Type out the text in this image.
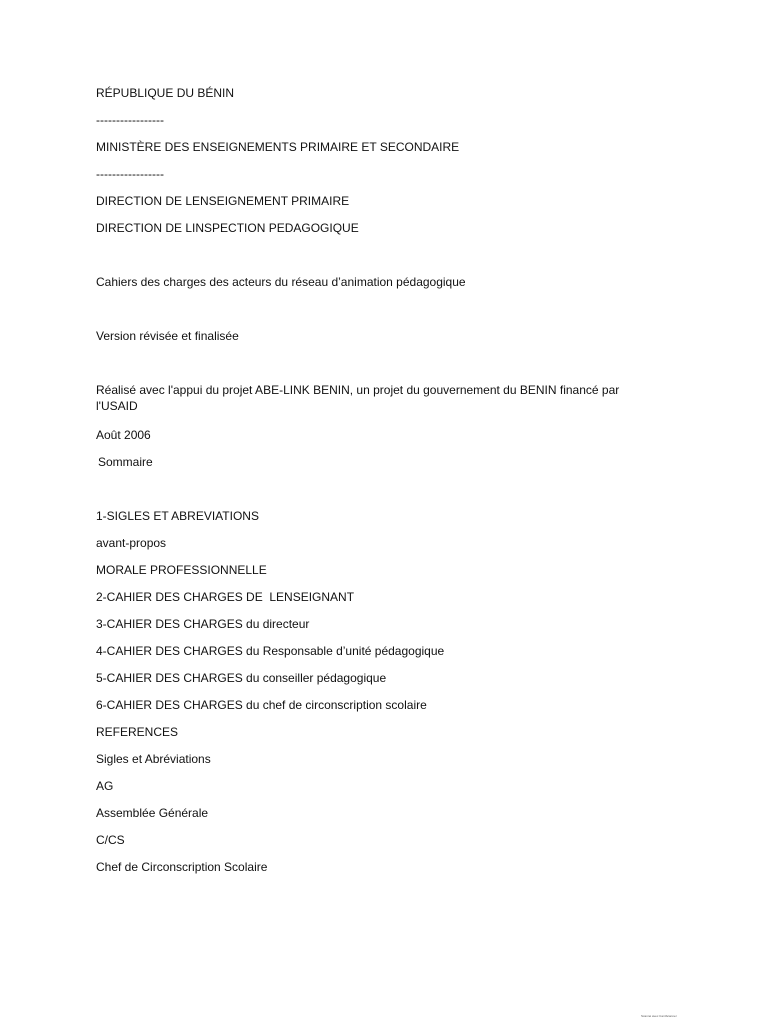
RÉPUBLIQUE DU BÉNIN
-----------------
MINISTÈRE DES ENSEIGNEMENTS PRIMAIRE ET SECONDAIRE
-----------------
DIRECTION DE LENSEIGNEMENT PRIMAIRE
DIRECTION DE LINSPECTION PEDAGOGIQUE
Cahiers des charges des acteurs du réseau d’animation pédagogique
Version révisée et finalisée
Réalisé avec l'appui du projet ABE-LINK BENIN, un projet du gouvernement du BENIN financé par l'USAID
Août 2006
Sommaire
1-SIGLES ET ABREVIATIONS
avant-propos
MORALE PROFESSIONNELLE
2-CAHIER DES CHARGES DE  LENSEIGNANT
3-CAHIER DES CHARGES du directeur
4-CAHIER DES CHARGES du Responsable d’unité pédagogique
5-CAHIER DES CHARGES du conseiller pédagogique
6-CAHIER DES CHARGES du chef de circonscription scolaire
REFERENCES
Sigles et Abréviations
AG
Assemblée Générale
C/CS
Chef de Circonscription Scolaire
Scanné avec CamScanner
